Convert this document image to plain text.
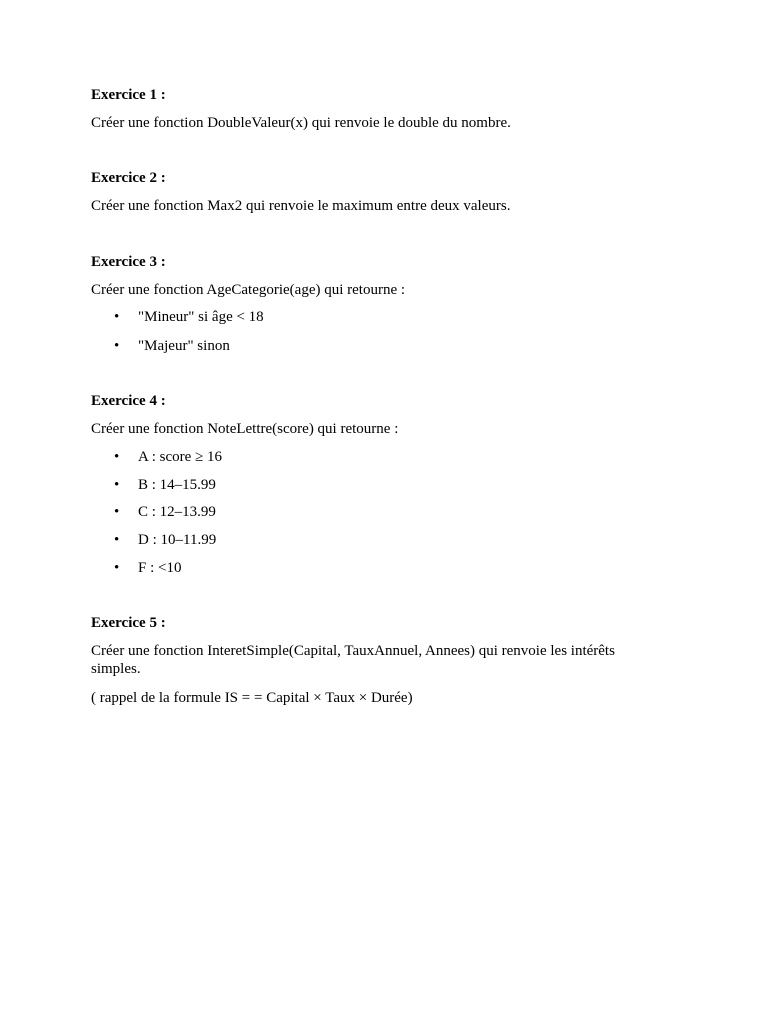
Exercice 1 :
Créer une fonction DoubleValeur(x) qui renvoie le double du nombre.
Exercice 2 :
Créer une fonction Max2 qui renvoie le maximum entre deux valeurs.
Exercice 3 :
Créer une fonction AgeCategorie(age) qui retourne :
• "Mineur" si âge < 18
• "Majeur" sinon
Exercice 4 :
Créer une fonction NoteLettre(score) qui retourne :
• A : score ≥ 16
• B : 14–15.99
• C : 12–13.99
• D : 10–11.99
• F : <10
Exercice 5 :
Créer une fonction InteretSimple(Capital, TauxAnnuel, Annees) qui renvoie les intérêts simples.
( rappel de la formule IS = = Capital × Taux × Durée)
